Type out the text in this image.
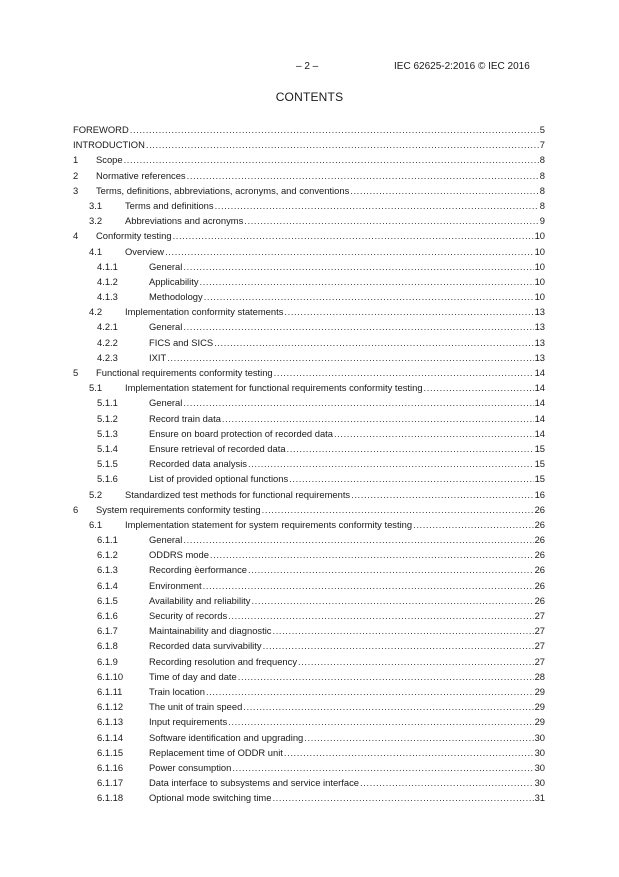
– 2 –	IEC 62625-2:2016 © IEC 2016
CONTENTS
FOREWORD .....	5
INTRODUCTION .....	7
1	Scope .....	8
2	Normative references .....	8
3	Terms, definitions, abbreviations, acronyms, and conventions .....	8
3.1	Terms and definitions .....	8
3.2	Abbreviations and acronyms .....	9
4	Conformity testing .....	10
4.1	Overview .....	10
4.1.1	General .....	10
4.1.2	Applicability .....	10
4.1.3	Methodology .....	10
4.2	Implementation conformity statements .....	13
4.2.1	General .....	13
4.2.2	FICS and SICS .....	13
4.2.3	IXIT .....	13
5	Functional requirements conformity testing .....	14
5.1	Implementation statement for functional requirements conformity testing .....	14
5.1.1	General .....	14
5.1.2	Record train data .....	14
5.1.3	Ensure on board protection of recorded data .....	14
5.1.4	Ensure retrieval of recorded data .....	15
5.1.5	Recorded data analysis .....	15
5.1.6	List of provided optional functions .....	15
5.2	Standardized test methods for functional requirements .....	16
6	System requirements conformity testing .....	26
6.1	Implementation statement for system requirements conformity testing .....	26
6.1.1	General .....	26
6.1.2	ODDRS mode .....	26
6.1.3	Recording èerformance .....	26
6.1.4	Environment .....	26
6.1.5	Availability and reliability .....	26
6.1.6	Security of records .....	27
6.1.7	Maintainability and diagnostic .....	27
6.1.8	Recorded data survivability .....	27
6.1.9	Recording resolution and frequency .....	27
6.1.10	Time of day and date .....	28
6.1.11	Train location .....	29
6.1.12	The unit of train speed .....	29
6.1.13	Input requirements .....	29
6.1.14	Software identification and upgrading .....	30
6.1.15	Replacement time of ODDR unit .....	30
6.1.16	Power consumption .....	30
6.1.17	Data interface to subsystems and service interface .....	30
6.1.18	Optional mode switching time .....	31
